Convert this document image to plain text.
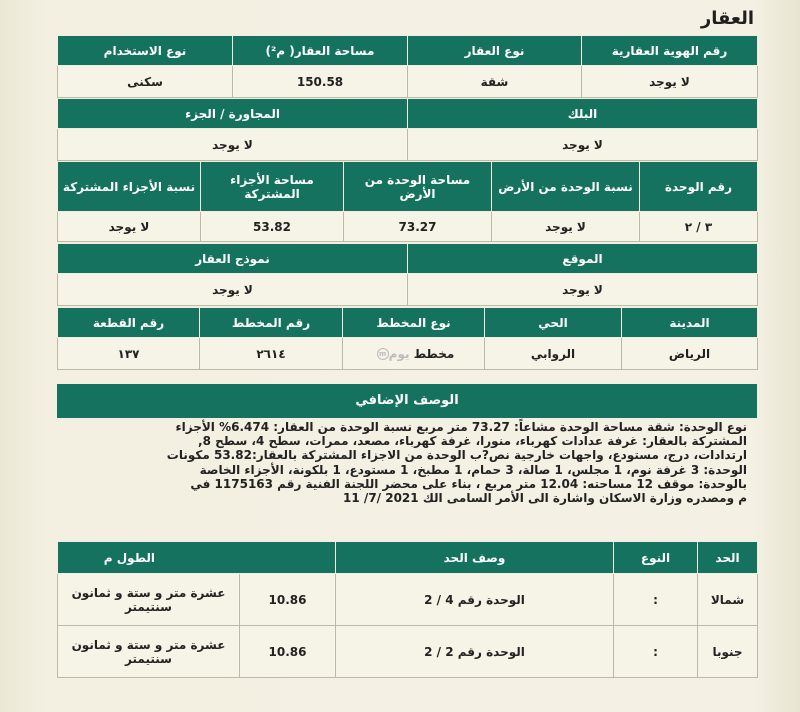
العقار
رقم الهوية العقارية	نوع العقار	مساحة العقار( م²)	نوع الاستخدام
لا يوجد	شقة	150.58	سكنى
البلك	المجاورة / الجزء
لا يوجد	لا يوجد
رقم الوحدة	نسبة الوحدة من الأرض	مساحة الوحدة من الأرض	مساحة الأجزاء المشتركة	نسبة الأجزاء المشتركة
٣ / ٢	لا يوجد	73.27	53.82	لا يوجد
الموقع	نموذج العقار
لا يوجد	لا يوجد
المدينة	الحي	نوع المخطط	رقم المخطط	رقم القطعة
الرياض	الروابي	مخطط يومm	٢٦١٤	١٣٧
الوصف الإضافي
نوع الوحدة: شقة مساحة الوحدة مشاعاً: 73.27 متر مربع نسبة الوحدة من العقار: 6.474% الأجزاء
المشتركة بالعقار: غرفة عدادات كهرباء، منورا، غرفة كهرباء، مصعد، ممرات، سطح 4، سطح 8,
ارتدادات، درج، مستودع، واجهات خارجية نص?ب الوحدة من الاجزاء المشتركة بالعقار:53.82 مكونات
الوحدة: 3 غرفة نوم، 1 مجلس، 1 صالة، 3 حمام، 1 مطبخ، 1 مستودع، 1 بلكونة، الأجزاء الخاصة
بالوحدة: موقف 12 مساحته: 12.04 متر مربع ، بناء على محضر اللجنة الفنية رقم 1175163 في
م ومصدره وزارة الاسكان واشارة الى الأمر السامى الك 2021 /7/ 11
الحد	النوع	وصف الحد	الطول م	
شمالا	:	الوحدة رقم 4 / 2	10.86	عشرة متر و ستة و ثمانون سنتيمتر
جنوبا	:	الوحدة رقم 2 / 2	10.86	عشرة متر و ستة و ثمانون سنتيمتر
